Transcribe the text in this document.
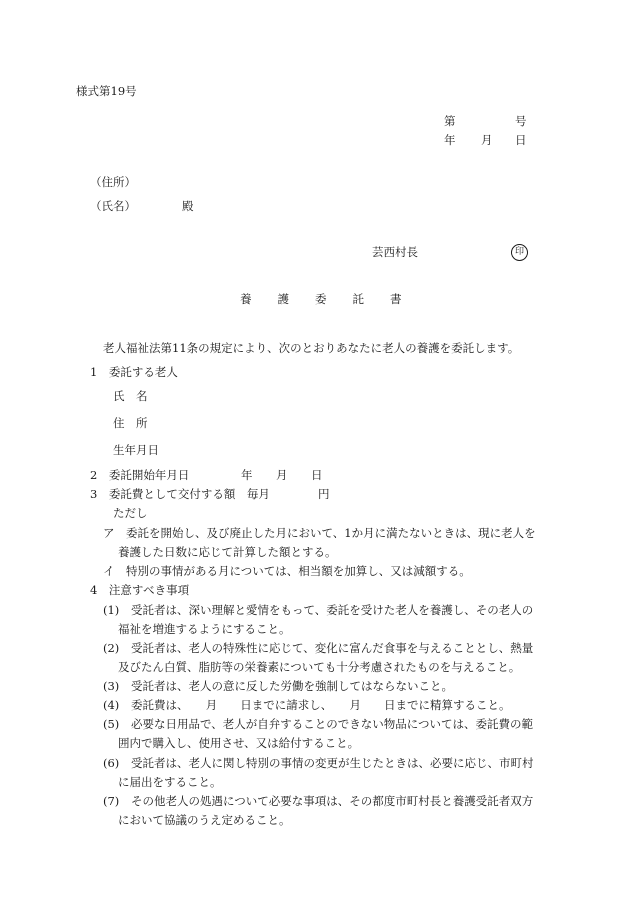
様式第19号
第	号
年 月 日
（住所）
（氏名）	殿
芸西村長	印
養 護 委 託 書
老人福祉法第11条の規定により、次のとおりあなたに老人の養護を委託します。
1　委託する老人
氏　名
住　所
生年月日
2　委託開始年月日	年 月 日
3　委託費として交付する額　毎月	円
ただし
ア　委託を開始し、及び廃止した月において、1か月に満たないときは、現に老人を
養護した日数に応じて計算した額とする。
イ　特別の事情がある月については、相当額を加算し、又は減額する。
4　注意すべき事項
(1) 受託者は、深い理解と愛情をもって、委託を受けた老人を養護し、その老人の
福祉を増進するようにすること。
(2) 受託者は、老人の特殊性に応じて、変化に富んだ食事を与えることとし、熱量
及びたん白質、脂肪等の栄養素についても十分考慮されたものを与えること。
(3) 受託者は、老人の意に反した労働を強制してはならないこと。
(4) 委託費は、　　月　　日までに請求し、　　月　　日までに精算すること。
(5) 必要な日用品で、老人が自弁することのできない物品については、委託費の範
囲内で購入し、使用させ、又は給付すること。
(6) 受託者は、老人に関し特別の事情の変更が生じたときは、必要に応じ、市町村
に届出をすること。
(7) その他老人の処遇について必要な事項は、その都度市町村長と養護受託者双方
において協議のうえ定めること。
